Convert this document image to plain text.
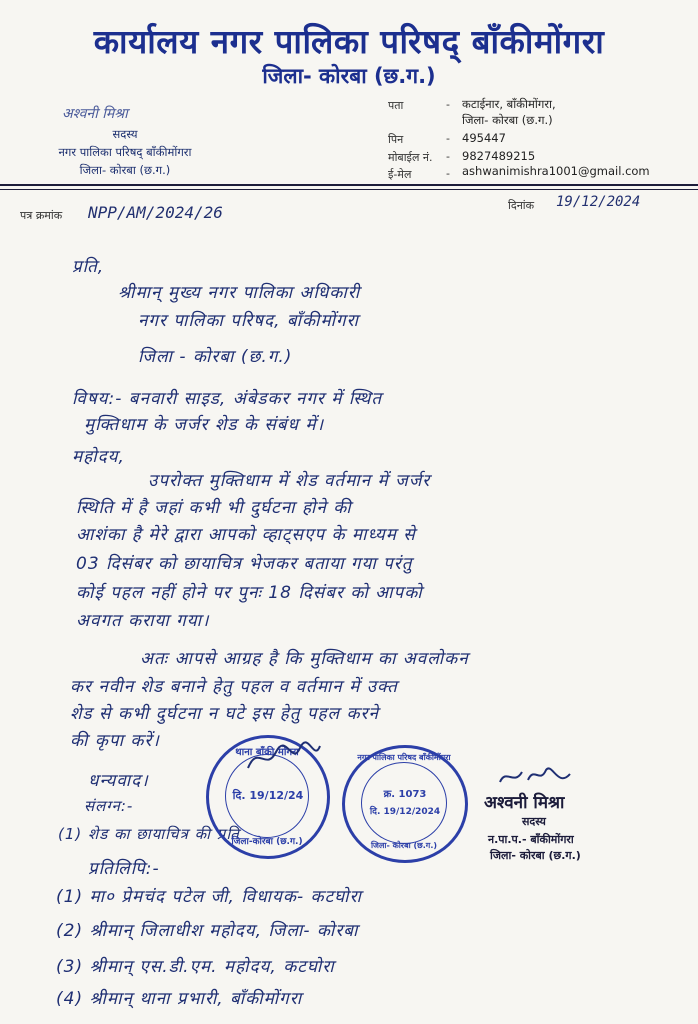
कार्यालय नगर पालिका परिषद् बाँकीमोंगरा
जिला- कोरबा (छ.ग.)
अश्वनी मिश्रा
सदस्य
नगर पालिका परिषद् बाँकीमोंगरा
जिला- कोरबा (छ.ग.)
पता	- कटाईनार, बाँकीमोंगरा,
जिला- कोरबा (छ.ग.)
पिन	- 495447
मोबाईल नं. - 9827489215
ई-मेल	- ashwanimishra1001@gmail.com
पत्र क्रमांक NPP/AM/2024/26	दिनांक 19/12/2024
प्रति,
श्रीमान् मुख्य नगर पालिका अधिकारी
नगर पालिका परिषद, बाँकीमोंगरा
जिला - कोरबा (छ.ग.)
विषय:- बनवारी साइड, अंबेडकर नगर में स्थित
मुक्तिधाम के जर्जर शेड के संबंध में।
महोदय,
उपरोक्त मुक्तिधाम में शेड वर्तमान में जर्जर
स्थिति में है जहां कभी भी दुर्घटना होने की
आशंका है मेरे द्वारा आपको व्हाट्सएप के माध्यम से
03 दिसंबर को छायाचित्र भेजकर बताया गया परंतु
कोई पहल नहीं होने पर पुनः 18 दिसंबर को आपको
अवगत कराया गया।
अतः आपसे आग्रह है कि मुक्तिधाम का अवलोकन
कर नवीन शेड बनाने हेतु पहल व वर्तमान में उक्त
शेड से कभी दुर्घटना न घटे इस हेतु पहल करने
की कृपा करें।
धन्यवाद।
संलग्न:-
(1) शेड का छायाचित्र की प्रति
प्रतिलिपि:-
(1) मा० प्रेमचंद पटेल जी, विधायक- कटघोरा
(2) श्रीमान् जिलाधीश महोदय, जिला- कोरबा
(3) श्रीमान् एस.डी.एम. महोदय, कटघोरा
(4) श्रीमान् थाना प्रभारी, बाँकीमोंगरा
थाना बाँकी मोंगरा
दि. 19/12/24
जिला-कोरबा (छ.ग.)
नगर पालिका परिषद बाँकीमोंगरा
क्र. 1073
दि. 19/12/2024
जिला- कोरबा (छ.ग.)
अश्वनी मिश्रा
सदस्य
न.पा.प.- बाँकीमोंगरा
जिला- कोरबा (छ.ग.)
